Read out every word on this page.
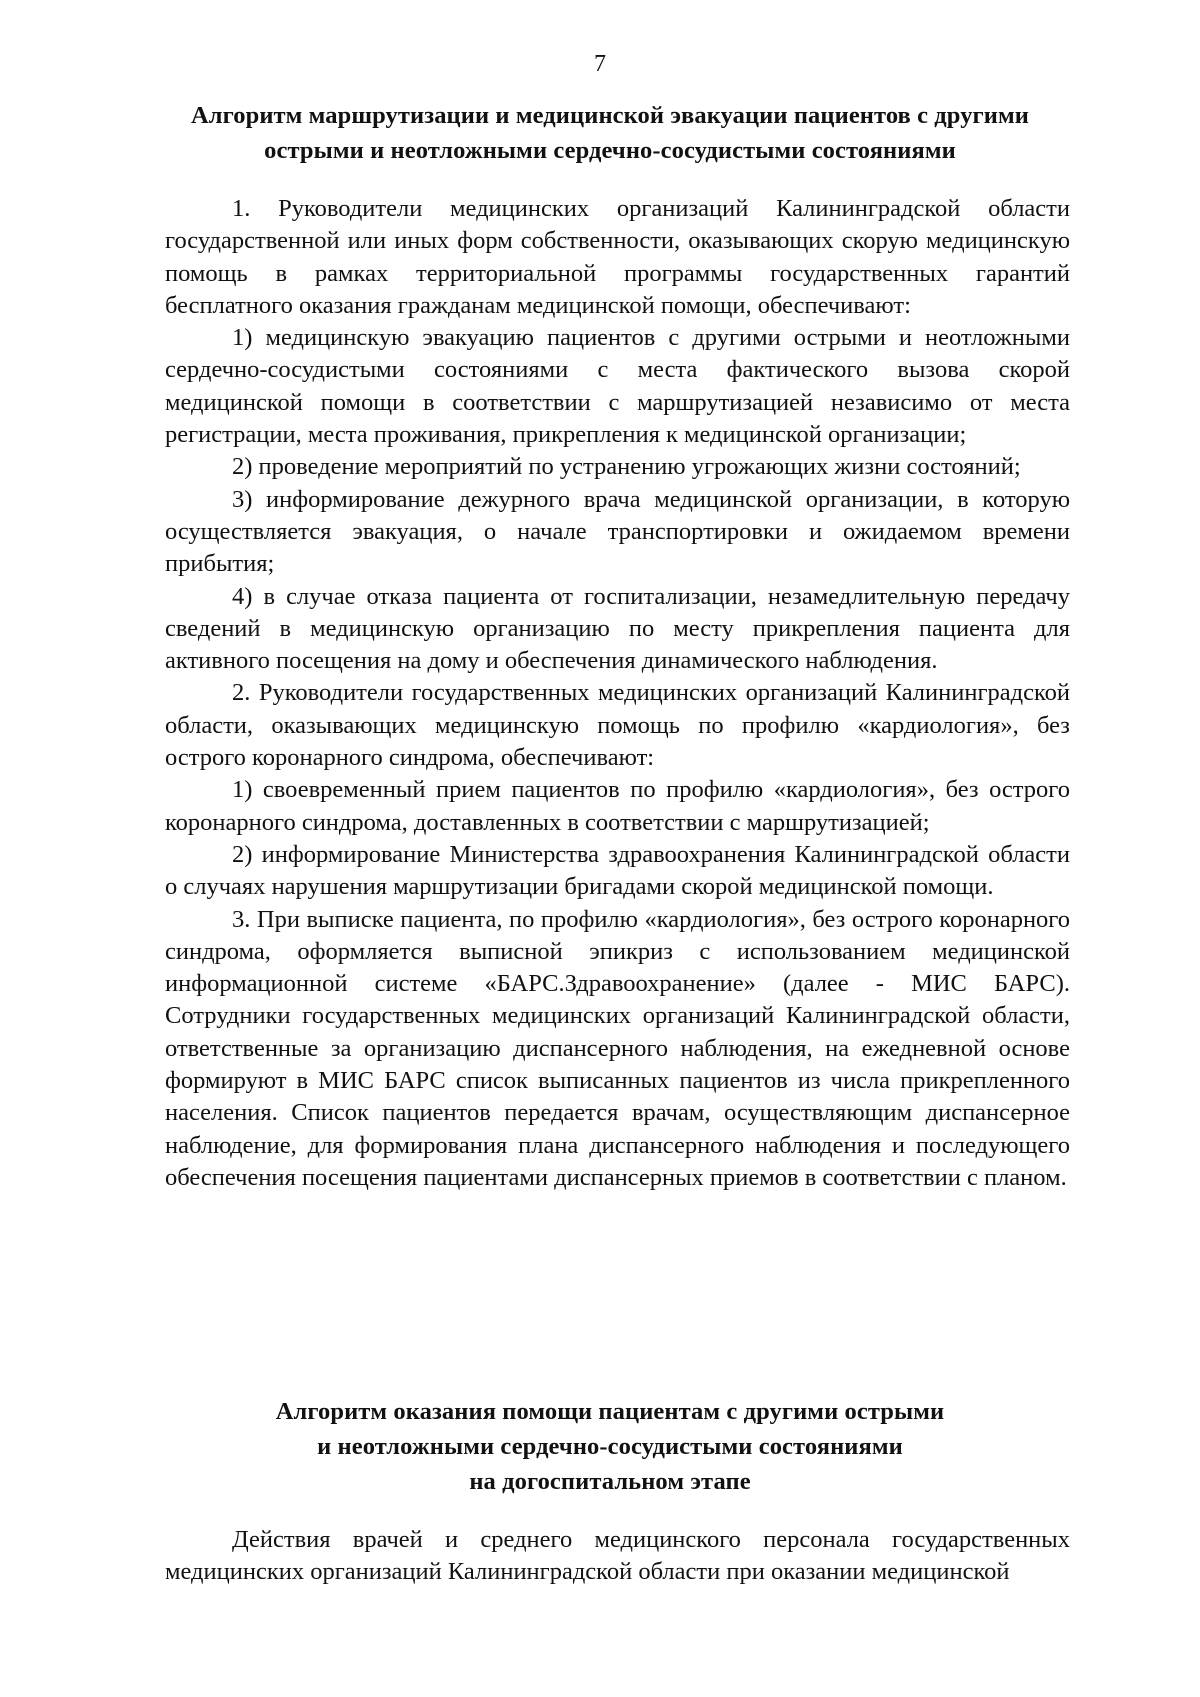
7
Алгоритм маршрутизации и медицинской эвакуации пациентов с другими
острыми и неотложными сердечно-сосудистыми состояниями

1. Руководители медицинских организаций Калининградской области государственной или иных форм собственности, оказывающих скорую медицинскую помощь в рамках территориальной программы государственных гарантий бесплатного оказания гражданам медицинской помощи, обеспечивают:

1) медицинскую эвакуацию пациентов с другими острыми и неотложными сердечно-сосудистыми состояниями с места фактического вызова скорой медицинской помощи в соответствии с маршрутизацией независимо от места регистрации, места проживания, прикрепления к медицинской организации;

2) проведение мероприятий по устранению угрожающих жизни состояний;

3) информирование дежурного врача медицинской организации, в которую осуществляется эвакуация, о начале транспортировки и ожидаемом времени прибытия;

4) в случае отказа пациента от госпитализации, незамедлительную передачу сведений в медицинскую организацию по месту прикрепления пациента для активного посещения на дому и обеспечения динамического наблюдения.

2. Руководители государственных медицинских организаций Калининградской области, оказывающих медицинскую помощь по профилю «кардиология», без острого коронарного синдрома, обеспечивают:

1) своевременный прием пациентов по профилю «кардиология», без острого коронарного синдрома, доставленных в соответствии с маршрутизацией;

2) информирование Министерства здравоохранения Калининградской области о случаях нарушения маршрутизации бригадами скорой медицинской помощи.

3. При выписке пациента, по профилю «кардиология», без острого коронарного синдрома, оформляется выписной эпикриз с использованием медицинской информационной системе «БАРС.Здравоохранение» (далее - МИС БАРС). Сотрудники государственных медицинских организаций Калининградской области, ответственные за организацию диспансерного наблюдения, на ежедневной основе формируют в МИС БАРС список выписанных пациентов из числа прикрепленного населения. Список пациентов передается врачам, осуществляющим диспансерное наблюдение, для формирования плана диспансерного наблюдения и последующего обеспечения посещения пациентами диспансерных приемов в соответствии с планом.

Алгоритм оказания помощи пациентам с другими острыми
и неотложными сердечно-сосудистыми состояниями
на догоспитальном этапе

Действия врачей и среднего медицинского персонала государственных медицинских организаций Калининградской области при оказании медицинской
